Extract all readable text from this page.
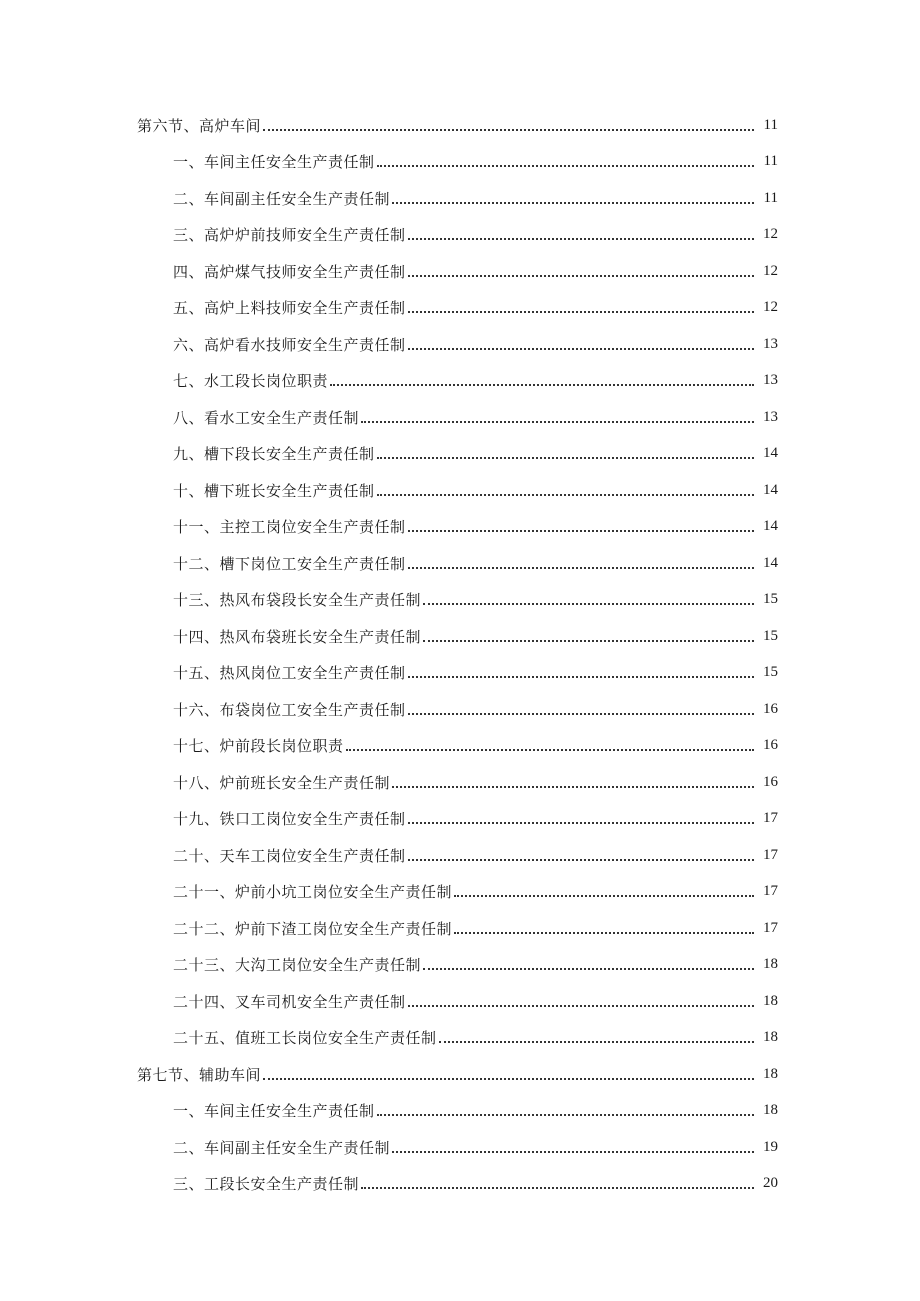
第六节、高炉车间	11
一、车间主任安全生产责任制	11
二、车间副主任安全生产责任制	11
三、高炉炉前技师安全生产责任制	12
四、高炉煤气技师安全生产责任制	12
五、高炉上料技师安全生产责任制	12
六、高炉看水技师安全生产责任制	13
七、水工段长岗位职责	13
八、看水工安全生产责任制	13
九、槽下段长安全生产责任制	14
十、槽下班长安全生产责任制	14
十一、主控工岗位安全生产责任制	14
十二、槽下岗位工安全生产责任制	14
十三、热风布袋段长安全生产责任制	15
十四、热风布袋班长安全生产责任制	15
十五、热风岗位工安全生产责任制	15
十六、布袋岗位工安全生产责任制	16
十七、炉前段长岗位职责	16
十八、炉前班长安全生产责任制	16
十九、铁口工岗位安全生产责任制	17
二十、天车工岗位安全生产责任制	17
二十一、炉前小坑工岗位安全生产责任制	17
二十二、炉前下渣工岗位安全生产责任制	17
二十三、大沟工岗位安全生产责任制	18
二十四、叉车司机安全生产责任制	18
二十五、值班工长岗位安全生产责任制	18
第七节、辅助车间	18
一、车间主任安全生产责任制	18
二、车间副主任安全生产责任制	19
三、工段长安全生产责任制	20
